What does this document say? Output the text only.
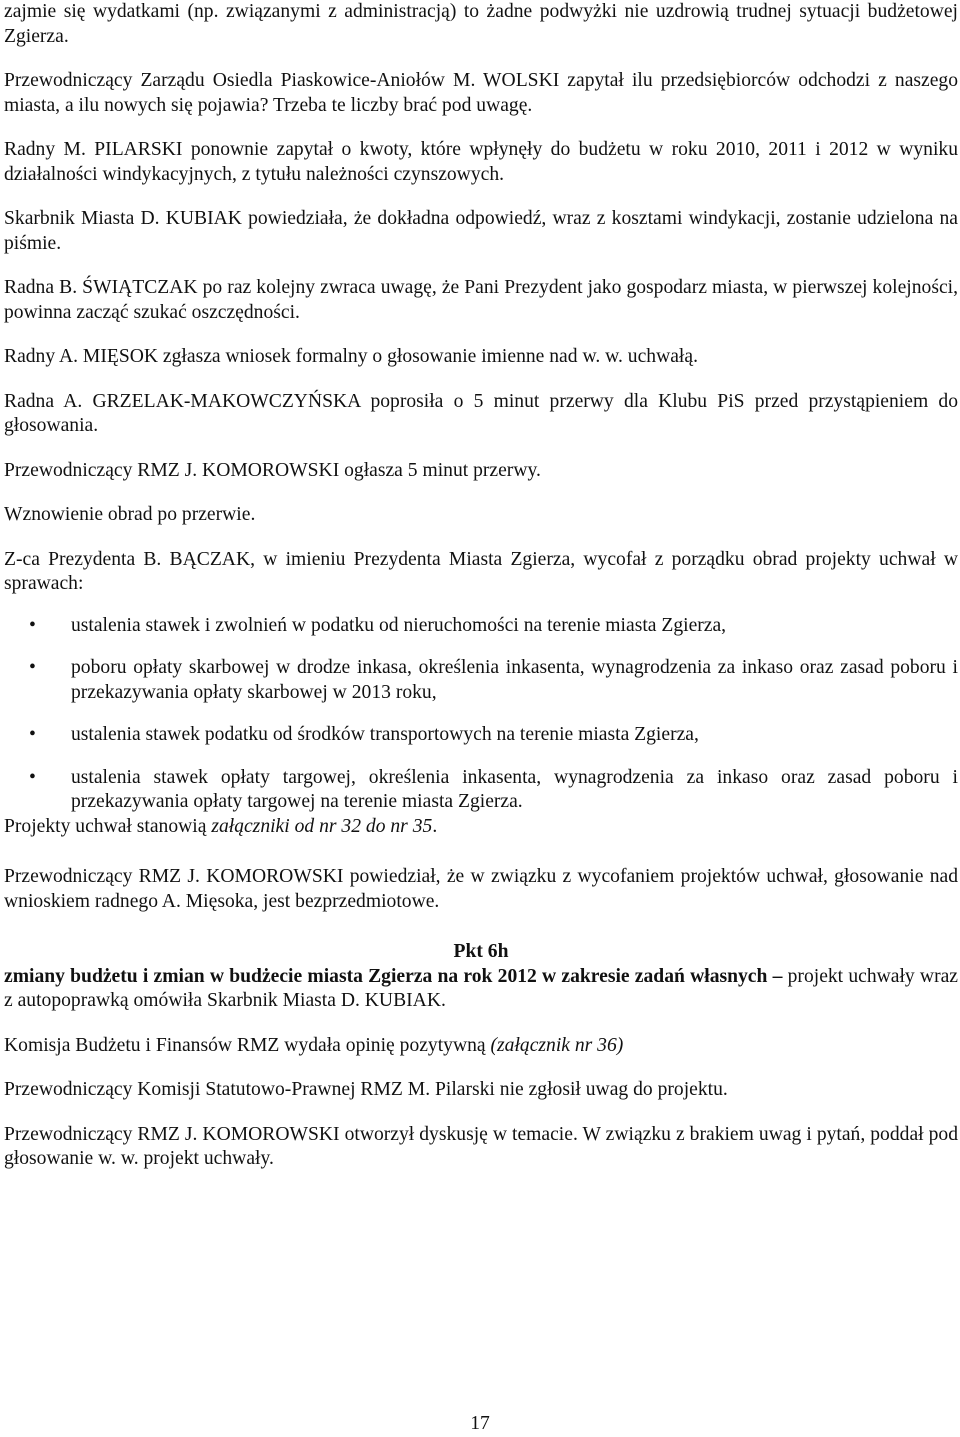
zajmie się wydatkami (np. związanymi z administracją) to żadne podwyżki nie uzdrowią trudnej sytuacji budżetowej Zgierza.

Przewodniczący Zarządu Osiedla Piaskowice-Aniołów M. WOLSKI zapytał ilu przedsiębiorców odchodzi z naszego miasta, a ilu nowych się pojawia? Trzeba te liczby brać pod uwagę.

Radny M. PILARSKI ponownie zapytał o kwoty, które wpłynęły do budżetu w roku 2010, 2011 i 2012 w wyniku działalności windykacyjnych, z tytułu należności czynszowych.

Skarbnik Miasta D. KUBIAK powiedziała, że dokładna odpowiedź, wraz z kosztami windykacji, zostanie udzielona na piśmie.

Radna B. ŚWIĄTCZAK po raz kolejny zwraca uwagę, że Pani Prezydent jako gospodarz miasta, w pierwszej kolejności, powinna zacząć szukać oszczędności.

Radny A. MIĘSOK zgłasza wniosek formalny o głosowanie imienne nad w. w. uchwałą.

Radna A. GRZELAK-MAKOWCZYŃSKA poprosiła o 5 minut przerwy dla Klubu PiS przed przystąpieniem do głosowania.

Przewodniczący RMZ J. KOMOROWSKI ogłasza 5 minut przerwy.

Wznowienie obrad po przerwie.

Z-ca Prezydenta B. BĄCZAK, w imieniu Prezydenta Miasta Zgierza, wycofał z porządku obrad projekty uchwał w sprawach:

• ustalenia stawek i zwolnień w podatku od nieruchomości na terenie miasta Zgierza,
• poboru opłaty skarbowej w drodze inkasa, określenia inkasenta, wynagrodzenia za inkaso oraz zasad poboru i przekazywania opłaty skarbowej w 2013 roku,
• ustalenia stawek podatku od środków transportowych na terenie miasta Zgierza,
• ustalenia stawek opłaty targowej, określenia inkasenta, wynagrodzenia za inkaso oraz zasad poboru i przekazywania opłaty targowej na terenie miasta Zgierza.

Projekty uchwał stanowią załączniki od nr 32 do nr 35.

Przewodniczący RMZ J. KOMOROWSKI powiedział, że w związku z wycofaniem projektów uchwał, głosowanie nad wnioskiem radnego A. Mięsoka, jest bezprzedmiotowe.

Pkt 6h

zmiany budżetu i zmian w budżecie miasta Zgierza na rok 2012 w zakresie zadań własnych – projekt uchwały wraz z autopoprawką omówiła Skarbnik Miasta D. KUBIAK.

Komisja Budżetu i Finansów RMZ wydała opinię pozytywną (załącznik nr 36)

Przewodniczący Komisji Statutowo-Prawnej RMZ M. Pilarski nie zgłosił uwag do projektu.

Przewodniczący RMZ J. KOMOROWSKI otworzył dyskusję w temacie. W związku z brakiem uwag i pytań, poddał pod głosowanie w. w. projekt uchwały.

17
